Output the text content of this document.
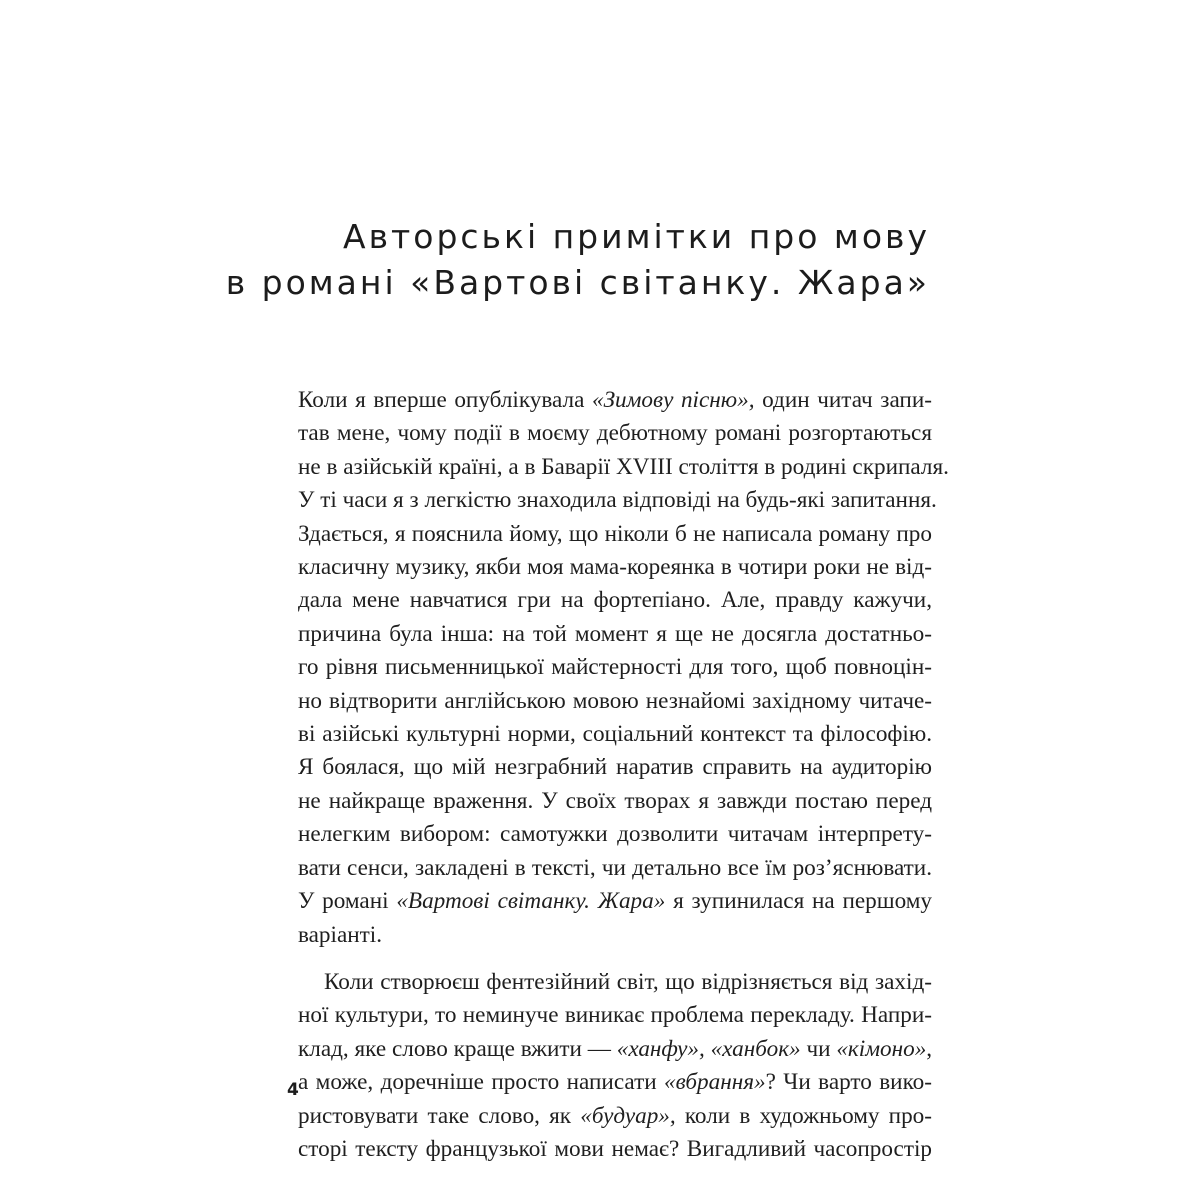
Авторські примітки про мову
в романі «Вартові світанку. Жара»
Коли я вперше опублікувала «Зимову пісню», один читач запи-
тав мене, чому події в моєму дебютному романі розгортаються
не в азійській країні, а в Баварії XVIII століття в родині скрипаля.
У ті часи я з легкістю знаходила відповіді на будь-які запитання.
Здається, я пояснила йому, що ніколи б не написала роману про
класичну музику, якби моя мама-кореянка в чотири роки не від-
дала мене навчатися гри на фортепіано. Але, правду кажучи,
причина була інша: на той момент я ще не досягла достатньо-
го рівня письменницької майстерності для того, щоб повноцін-
но відтворити англійською мовою незнайомі західному читаче-
ві азійські культурні норми, соціальний контекст та філософію.
Я боялася, що мій незграбний наратив справить на аудиторію
не найкраще враження. У своїх творах я завжди постаю перед
нелегким вибором: самотужки дозволити читачам інтерпрету-
вати сенси, закладені в тексті, чи детально все їм роз’яснювати.
У романі «Вартові світанку. Жара» я зупинилася на першому
варіанті.
Коли створюєш фентезійний світ, що відрізняється від захід-
ної культури, то неминуче виникає проблема перекладу. Напри-
клад, яке слово краще вжити — «ханфу», «ханбок» чи «кімоно»,
а може, доречніше просто написати «вбрання»? Чи варто вико-
ристовувати таке слово, як «будуар», коли в художньому про-
сторі тексту французької мови немає? Вигадливий часопростір
4
